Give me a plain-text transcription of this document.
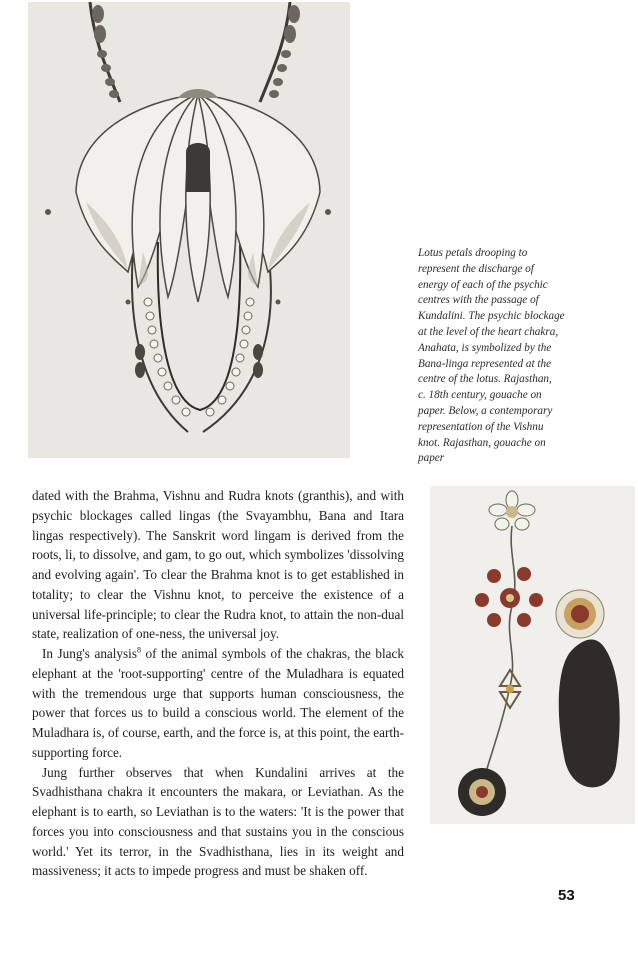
Lotus petals drooping to

represent the discharge of

energy of each of the psychic

centres with the passage of

Kundalini. The psychic blockage

at the level of the heart chakra,

Anahata, is symbolized by the

Bana-linga represented at the

centre of the lotus. Rajasthan,

c. 18th century, gouache on

paper. Below, a contemporary

representation of the Vishnu

knot. Rajasthan, gouache on

paper

dated with the Brahma, Vishnu and Rudra knots (granthis), and with psychic blockages called lingas (the Svayambhu, Bana and Itara lingas respectively). The Sanskrit word lingam is derived from the roots, li, to dissolve, and gam, to go out, which symbolizes 'dissolving and evolving again'. To clear the Brahma knot is to get established in totality; to clear the Vishnu knot, to perceive the existence of a universal life-principle; to clear the Rudra knot, to attain the non-dual state, realization of one-ness, the universal joy.

In Jung's analysis$^8$ of the animal symbols of the chakras, the black elephant at the 'root-supporting' centre of the Muladhara is equated with the tremendous urge that supports human consciousness, the power that forces us to build a conscious world. The element of the Muladhara is, of course, earth, and the force is, at this point, the earth-supporting force.

Jung further observes that when Kundalini arrives at the Svadhisthana chakra it encounters the makara, or Leviathan. As the elephant is to earth, so Leviathan is to the waters: 'It is the power that forces you into consciousness and that sustains you in the conscious world.' Yet its terror, in the Svadhisthana, lies in its weight and massiveness; it acts to impede progress and must be shaken off.

53
